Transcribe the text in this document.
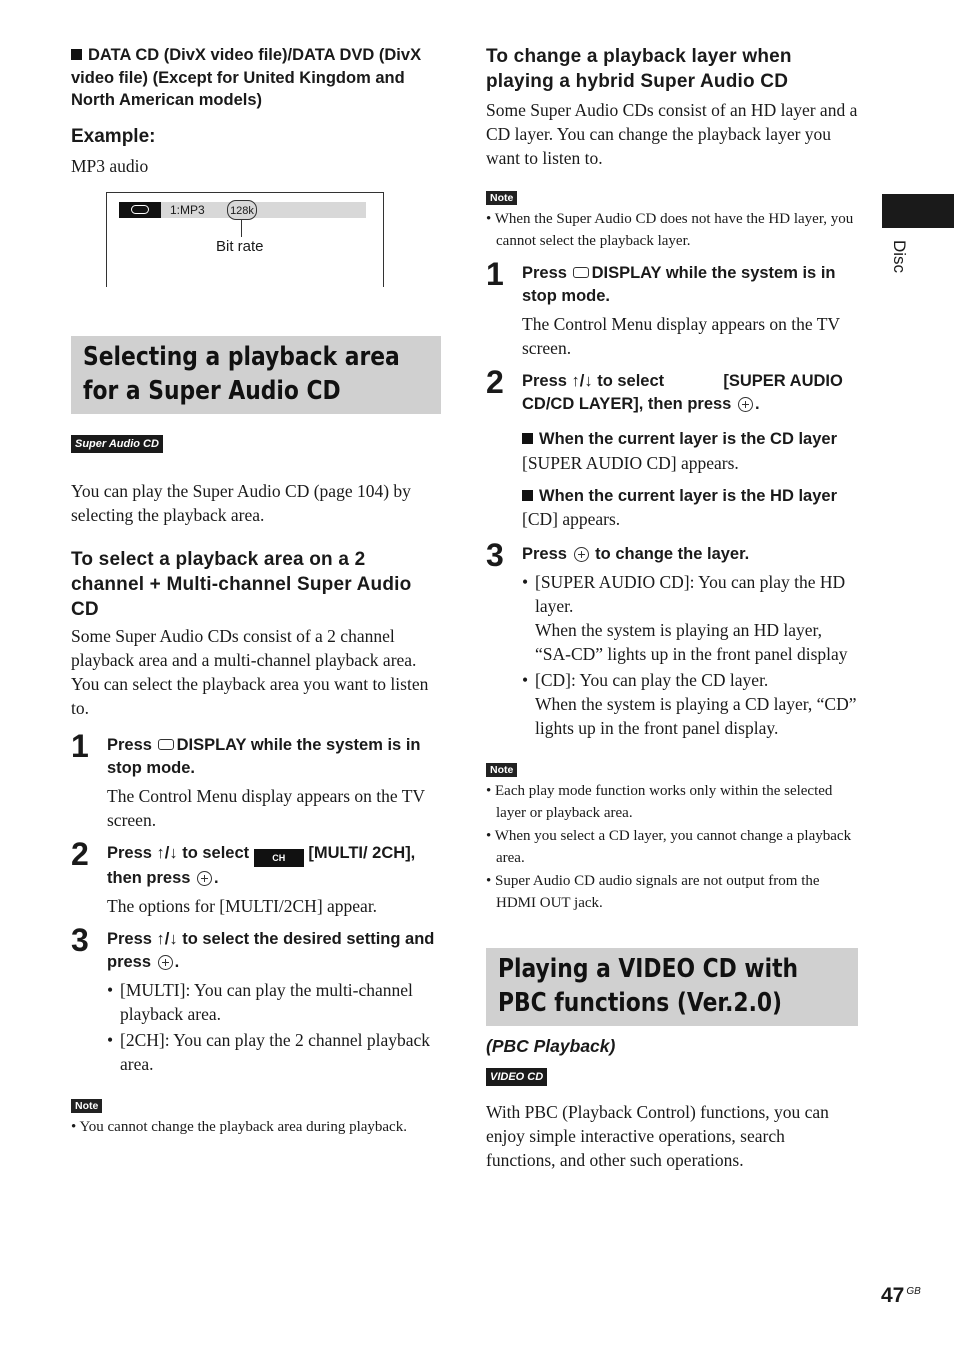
DATA CD (DivX video file)/DATA DVD (DivX video file) (Except for United Kingdom and North American models)

Example:

MP3 audio

1:MP3 128k
Bit rate

Selecting a playback area for a Super Audio CD

Super Audio CD

You can play the Super Audio CD (page 104) by selecting the playback area.

To select a playback area on a 2 channel + Multi-channel Super Audio CD

Some Super Audio CDs consist of a 2 channel playback area and a multi-channel playback area. You can select the playback area you want to listen to.

1 Press DISPLAY while the system is in stop mode.

The Control Menu display appears on the TV screen.

2 Press ↑/↓ to select	CH [MULTI/ 2CH], then press .

The options for [MULTI/2CH] appear.

3 Press ↑/↓ to select the desired setting and press .

• [MULTI]: You can play the multi-channel playback area.

• [2CH]: You can play the 2 channel playback area.

Note

• You cannot change the playback area during playback.

To change a playback layer when playing a hybrid Super Audio CD

Some Super Audio CDs consist of an HD layer and a CD layer. You can change the playback layer you want to listen to.

Note

• When the Super Audio CD does not have the HD layer, you cannot select the playback layer.

1 Press DISPLAY while the system is in stop mode.

The Control Menu display appears on the TV screen.

2 Press ↑/↓ to select	[SUPER AUDIO CD/CD LAYER], then press .

When the current layer is the CD layer

[SUPER AUDIO CD] appears.

When the current layer is the HD layer

[CD] appears.

3 Press to change the layer.

• [SUPER AUDIO CD]: You can play the HD layer.
When the system is playing an HD layer, “SA-CD” lights up in the front panel display
• [CD]: You can play the CD layer.
When the system is playing a CD layer, “CD” lights up in the front panel display.
Note

• Each play mode function works only within the selected layer or playback area.

• When you select a CD layer, you cannot change a playback area.

• Super Audio CD audio signals are not output from the HDMI OUT jack.

Playing a VIDEO CD with PBC functions (Ver.2.0)

(PBC Playback)

VIDEO CD

With PBC (Playback Control) functions, you can enjoy simple interactive operations, search functions, and other such operations.

Disc
47 $^{GB}$
